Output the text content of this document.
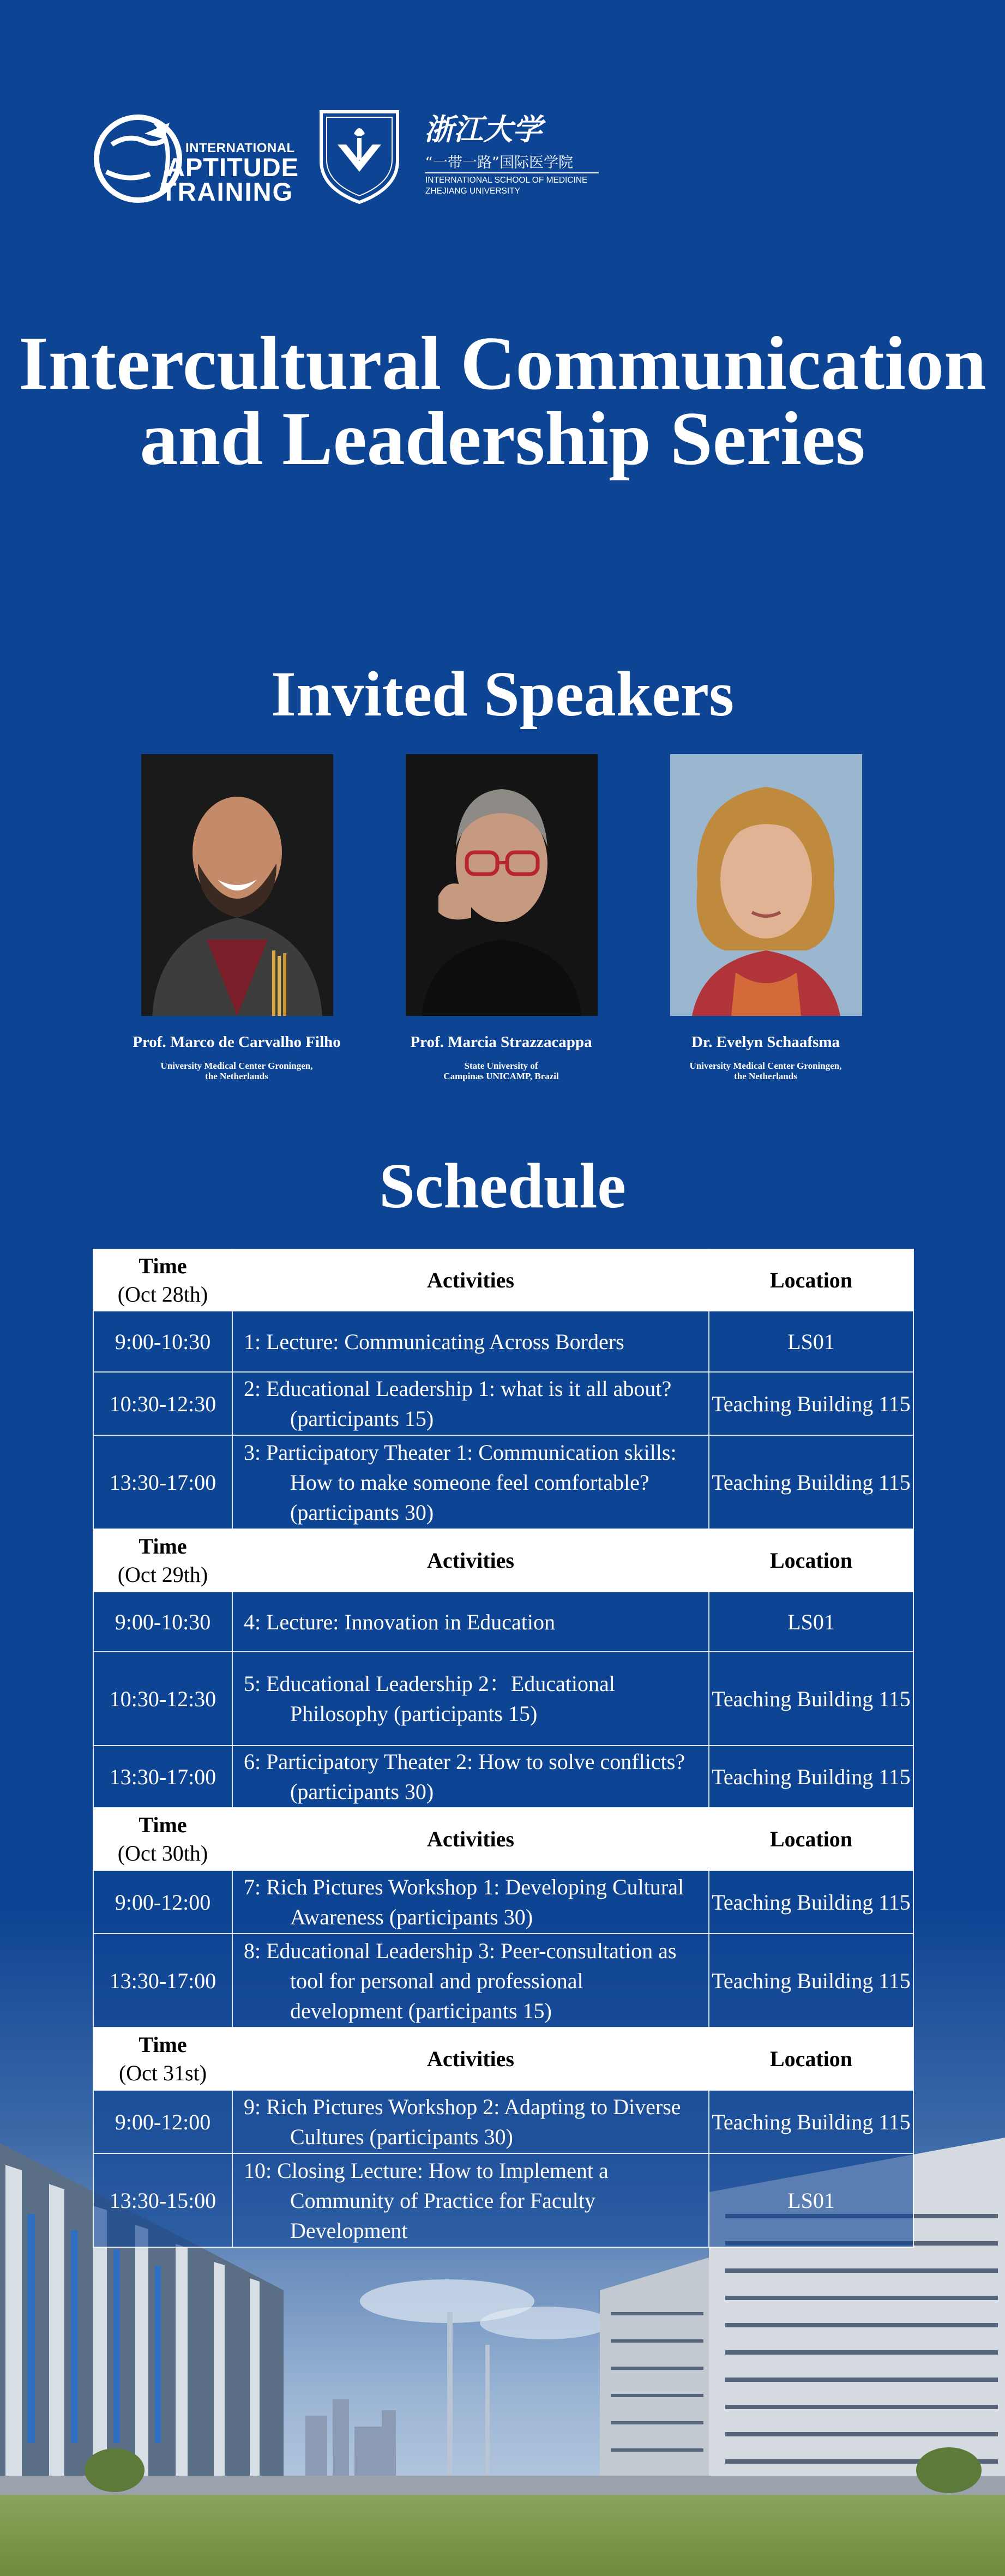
INTERNATIONAL
APTITUDE
TRAINING
浙江大学
“一带一路”国际医学院
INTERNATIONAL SCHOOL OF MEDICINE
ZHEJIANG UNIVERSITY
Intercultural Communication and Leadership Series
Invited Speakers
Prof. Marco de Carvalho Filho
University Medical Center Groningen,
the Netherlands
Prof. Marcia Strazzacappa
State University of
Campinas UNICAMP, Brazil
Dr. Evelyn Schaafsma
University Medical Center Groningen,
the Netherlands
Schedule
Time
(Oct 28th)	Activities	Location
9:00-10:30	1: Lecture: Communicating Across Borders	LS01
10:30-12:30	2: Educational Leadership 1: what is it all about? (participants 15)	Teaching Building 115
13:30-17:00	3: Participatory Theater 1: Communication skills: How to make someone feel comfortable? (participants 30)	Teaching Building 115

Time
(Oct 29th)	Activities	Location
9:00-10:30	4: Lecture: Innovation in Education	LS01
10:30-12:30	5: Educational Leadership 2：Educational Philosophy (participants 15)	Teaching Building 115
13:30-17:00	6: Participatory Theater 2: How to solve conflicts? (participants 30)	Teaching Building 115

Time
(Oct 30th)	Activities	Location
9:00-12:00	7: Rich Pictures Workshop 1: Developing Cultural Awareness (participants 30)	Teaching Building 115
13:30-17:00	8: Educational Leadership 3: Peer-consultation as tool for personal and professional development (participants 15)	Teaching Building 115

Time
(Oct 31st)	Activities	Location
9:00-12:00	9: Rich Pictures Workshop 2: Adapting to Diverse Cultures (participants 30)	Teaching Building 115
13:30-15:00	10: Closing Lecture: How to Implement a Community of Practice for Faculty Development	LS01
